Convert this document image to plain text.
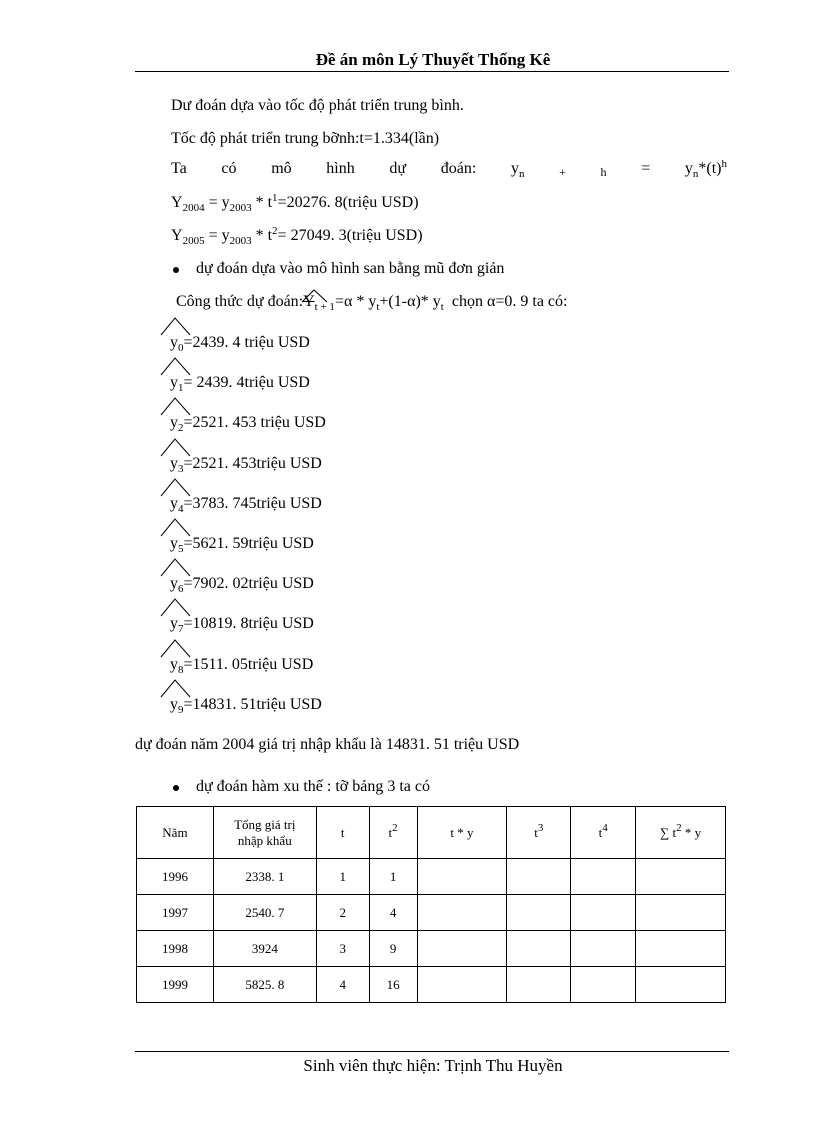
Đề án môn Lý Thuyết Thống Kê
Dư đoán dựa vào tốc độ phát triển trung bình.
Tốc độ phát triển trung bỡnh:t=1.334(lần)
Ta có mô hình dự đoán: $y_n$	+	$h = y_n*(t)^h$
$Y_{2004} = y_{2003} * t^1=20276$. 8(triệu USD)
$Y_{2005} = y_{2003} * t^2= 27049$. 3(triệu USD)
dự đoán dựa vào mô hình san bằng mũ đơn giản
Công thức dự đoán:
$Y_{t + 1}=\alpha * y_t+(1-\alpha)*$ $y_t$ chọn α=0. 9 ta có:
$y_0=2439$. 4 triệu USD
$y_1= 2439$. 4triệu USD
$y_2=2521$. 453 triệu USD
$y_3=2521$. 453triệu USD
$y_4=3783$. 745triệu USD
$y_5=5621$. 59triệu USD
$y_6=7902$. 02triệu USD
$y_7=10819$. 8triệu USD
$y_8=1511$. 05triệu USD
$y_9=14831$. 51triệu USD
dự đoán năm 2004 giá trị nhập khẩu là 14831. 51 triệu USD
dự đoán hàm xu thế : tỡ bảng 3 ta có
Năm	Tổng giá trị nhập khẩu	t	$t^2$	t * y	$t^3$	$t^4$	∑ $t^2$ * y
1996	2338. 1	1	1				
1997	2540. 7	2	4				
1998	3924	3	9				
1999	5825. 8	4	16				
Sinh viên thực hiện: Trịnh Thu Huyền
